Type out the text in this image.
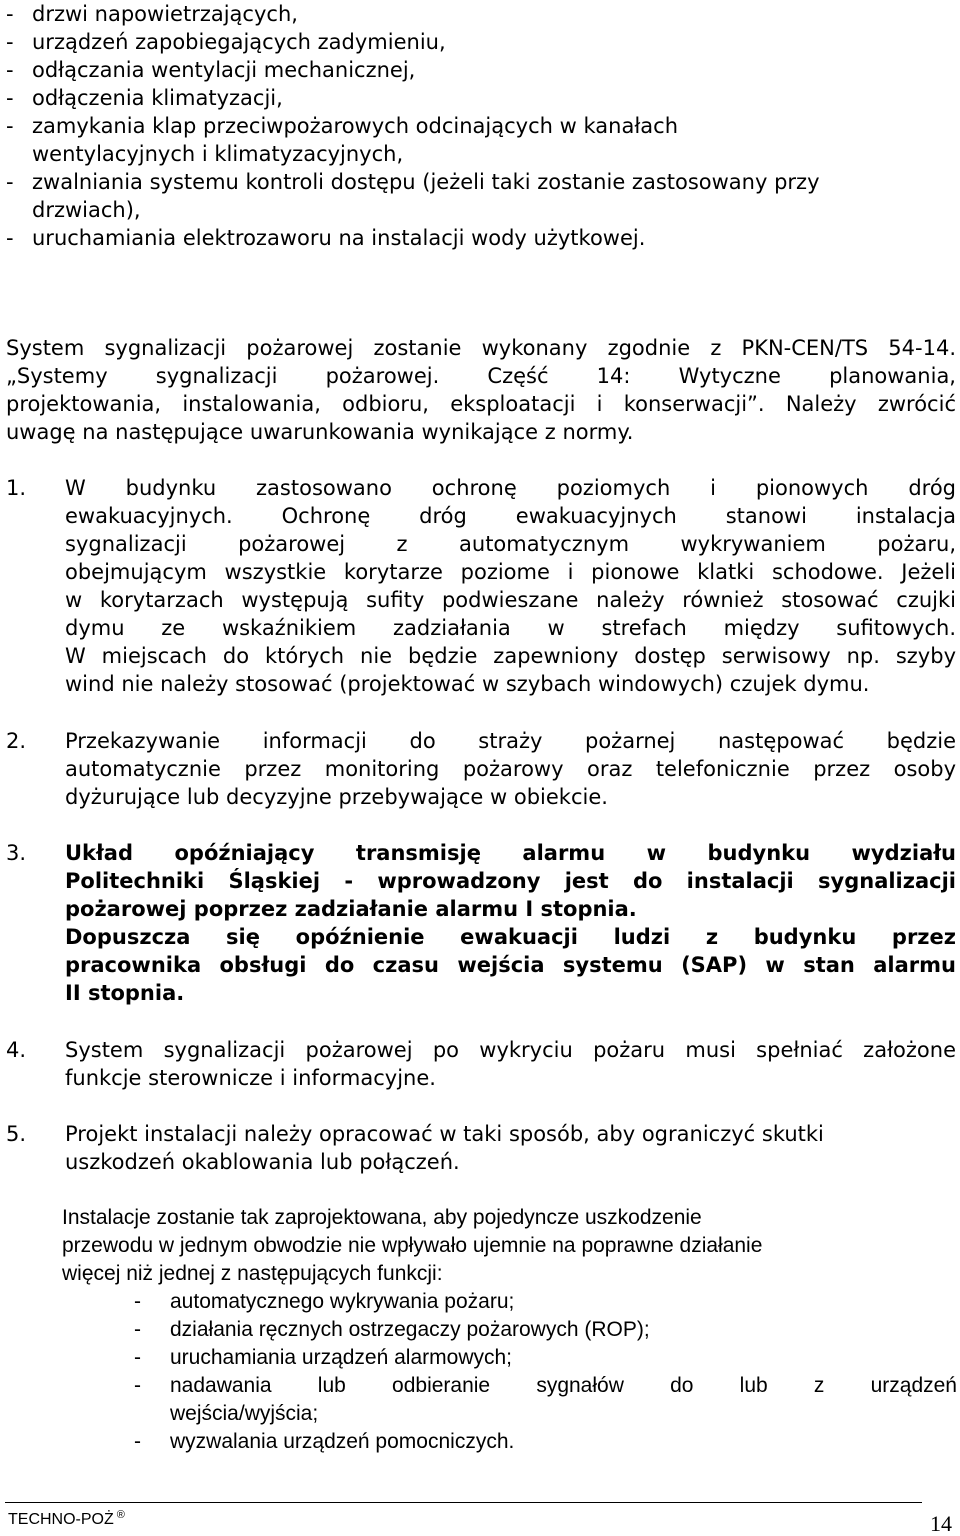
- drzwi napowietrzających,
- urządzeń zapobiegających zadymieniu,
- odłączania wentylacji mechanicznej,
- odłączenia klimatyzacji,
- zamykania klap przeciwpożarowych odcinających w kanałach
wentylacyjnych i klimatyzacyjnych,
- zwalniania systemu kontroli dostępu (jeżeli taki zostanie zastosowany przy
drzwiach),
- uruchamiania elektrozaworu na instalacji wody użytkowej.
System sygnalizacji pożarowej zostanie wykonany zgodnie z PKN-CEN/TS 54-14.
„Systemy sygnalizacji pożarowej. Część 14: Wytyczne planowania,
projektowania, instalowania, odbioru, eksploatacji i konserwacji”. Należy zwrócić
uwagę na następujące uwarunkowania wynikające z normy.
1.	W budynku zastosowano ochronę poziomych i pionowych dróg
ewakuacyjnych. Ochronę dróg ewakuacyjnych stanowi instalacja
sygnalizacji pożarowej z automatycznym wykrywaniem pożaru,
obejmującym wszystkie korytarze poziome i pionowe klatki schodowe. Jeżeli
w korytarzach występują sufity podwieszane należy również stosować czujki
dymu ze wskaźnikiem zadziałania w strefach między sufitowych.
W miejscach do których nie będzie zapewniony dostęp serwisowy np. szyby
wind nie należy stosować (projektować w szybach windowych) czujek dymu.
2.	Przekazywanie informacji do straży pożarnej następować będzie
automatycznie przez monitoring pożarowy oraz telefonicznie przez osoby
dyżurujące lub decyzyjne przebywające w obiekcie.
3.	Układ opóźniający transmisję alarmu w budynku wydziału
Politechniki Śląskiej - wprowadzony jest do instalacji sygnalizacji
pożarowej poprzez zadziałanie alarmu I stopnia.
Dopuszcza się opóźnienie ewakuacji ludzi z budynku przez
pracownika obsługi do czasu wejścia systemu (SAP) w stan alarmu
II stopnia.
4.	System sygnalizacji pożarowej po wykryciu pożaru musi spełniać założone
funkcje sterownicze i informacyjne.
5.	Projekt instalacji należy opracować w taki sposób, aby ograniczyć skutki
uszkodzeń okablowania lub połączeń.
Instalacje zostanie tak zaprojektowana, aby pojedyncze uszkodzenie
przewodu w jednym obwodzie nie wpływało ujemnie na poprawne działanie
więcej niż jednej z następujących funkcji:
-	automatycznego wykrywania pożaru;
-	działania ręcznych ostrzegaczy pożarowych (ROP);
-	uruchamiania urządzeń alarmowych;
-	nadawania lub odbieranie sygnałów do lub z urządzeń
wejścia/wyjścia;
-	wyzwalania urządzeń pomocniczych.
TECHNO-POŻ ®	14
